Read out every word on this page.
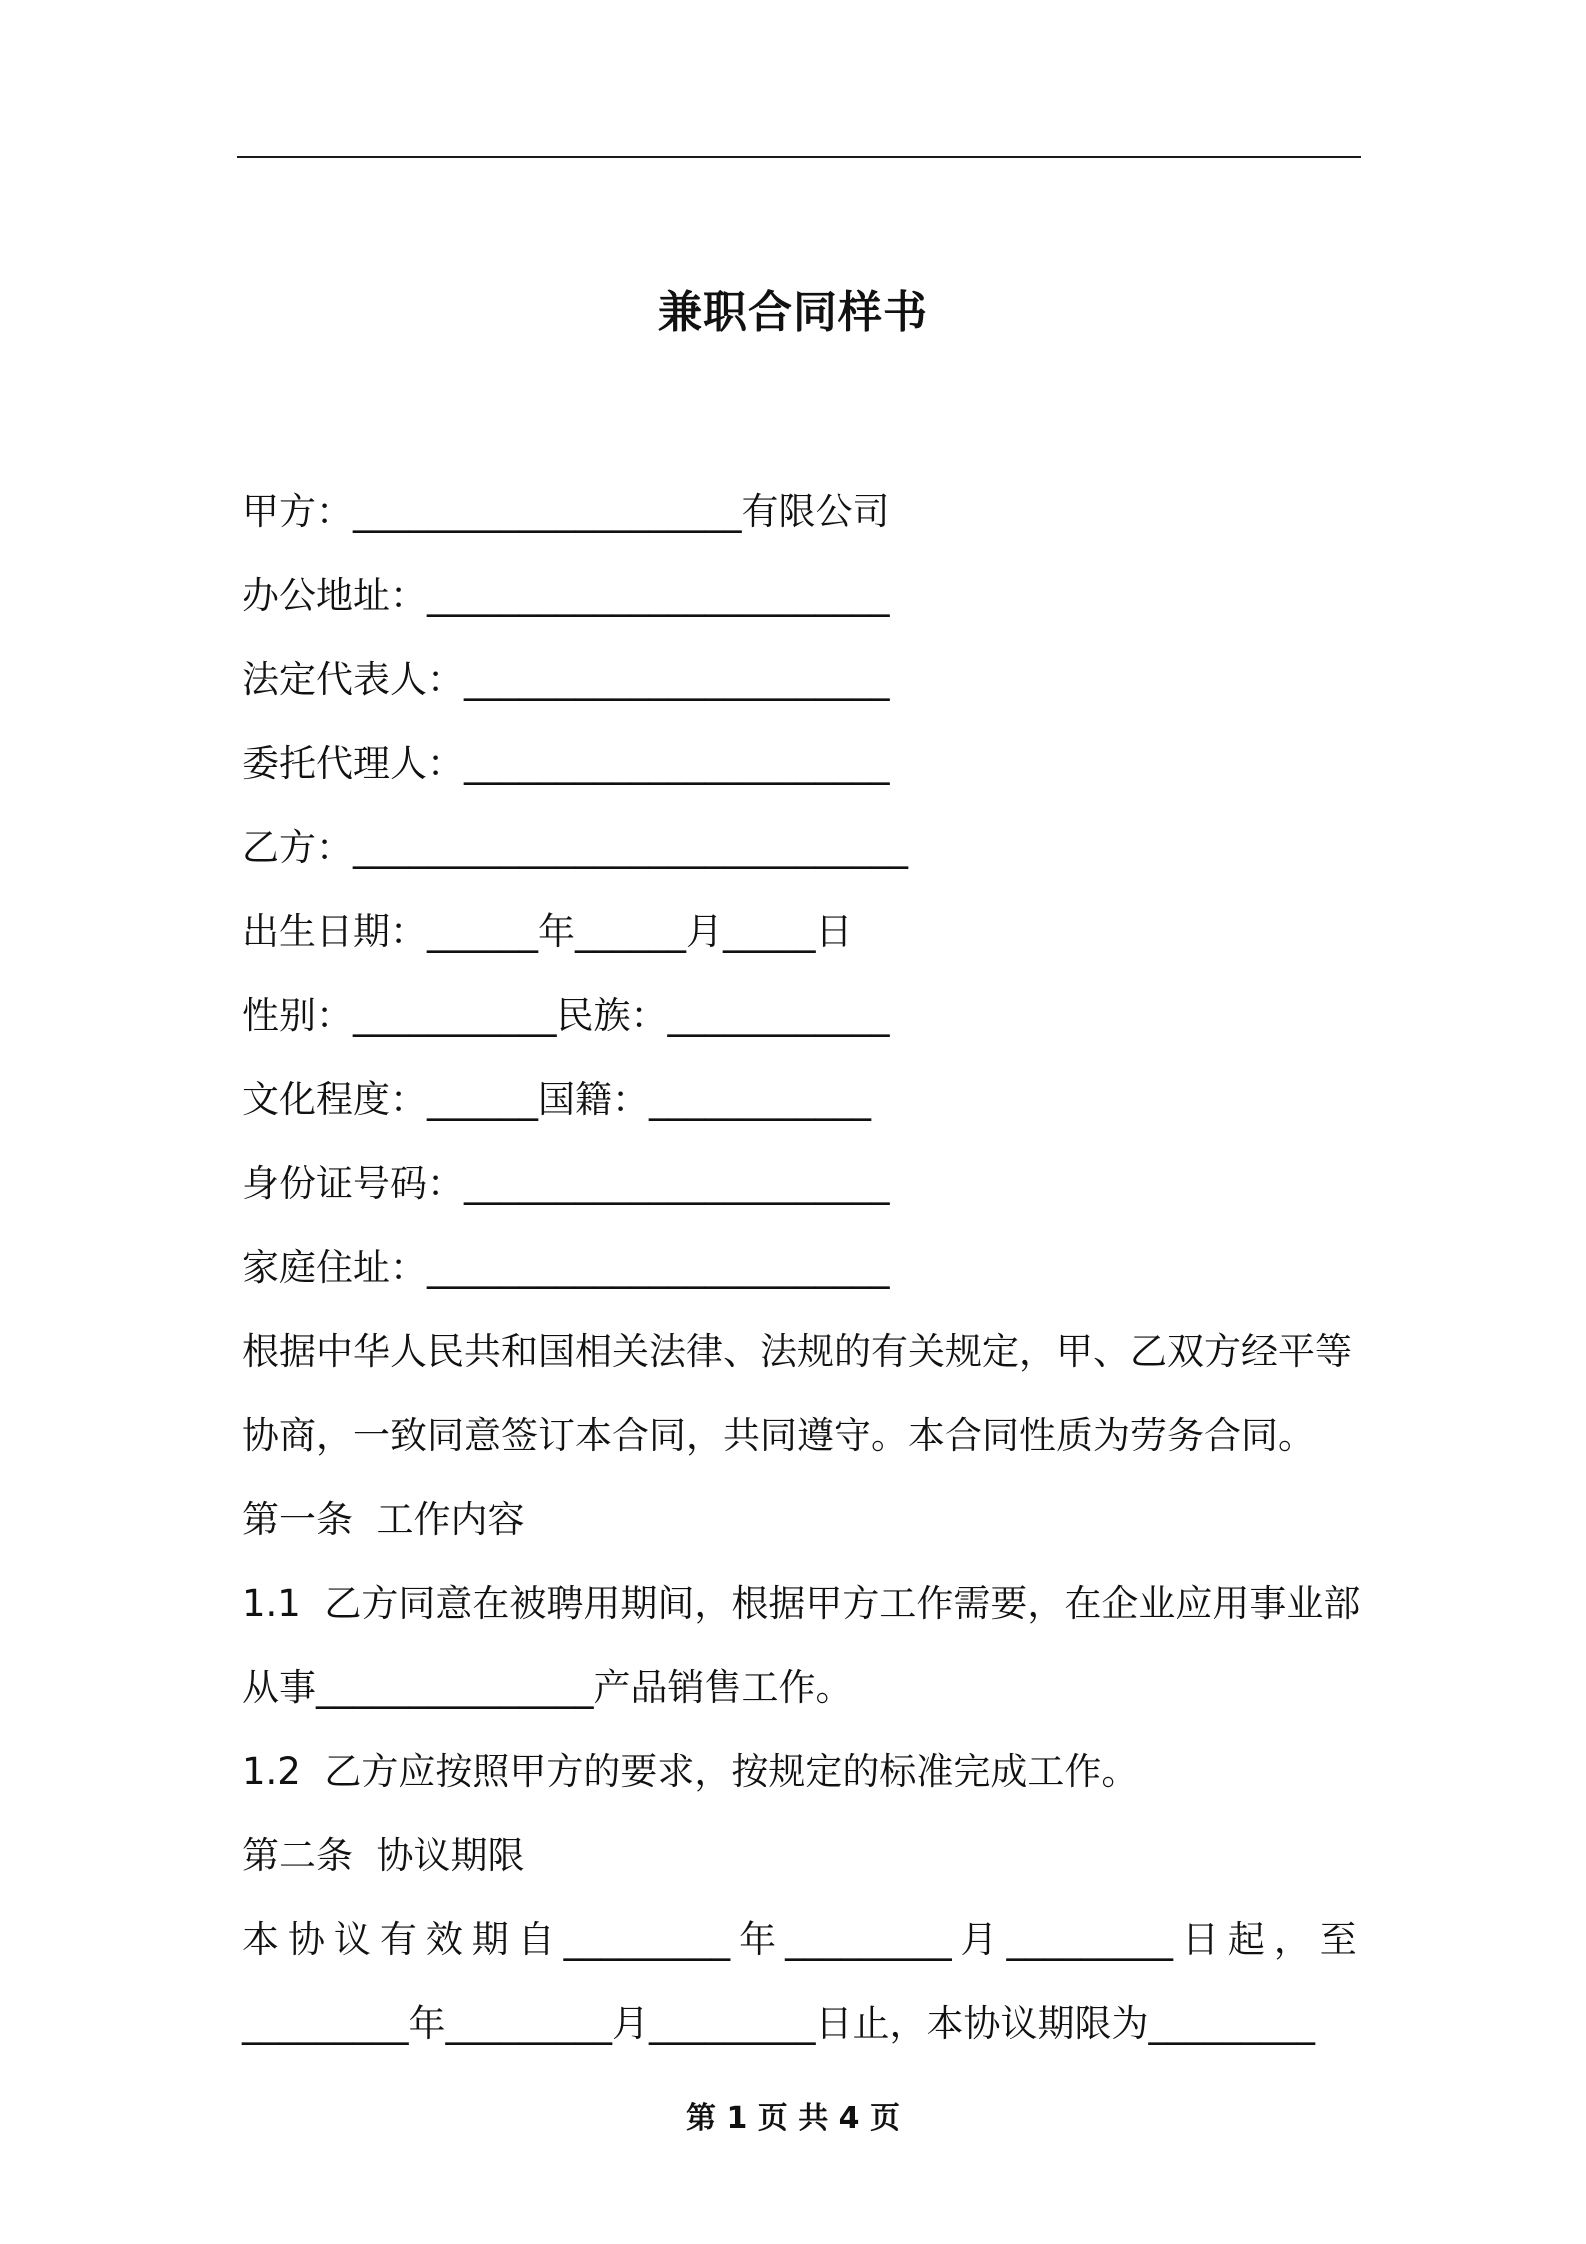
兼职合同样书
甲方：_____________________有限公司
办公地址：_________________________
法定代表人：_______________________
委托代理人：_______________________
乙方：______________________________
出生日期：______年______月_____日
性别：___________民族：____________
文化程度：______国籍：____________
身份证号码：_______________________
家庭住址：_________________________
根据中华人民共和国相关法律、法规的有关规定，甲、乙双方经平等
协商，一致同意签订本合同，共同遵守。本合同性质为劳务合同。
第一条  工作内容
1.1  乙方同意在被聘用期间，根据甲方工作需要，在企业应用事业部
从事_______________产品销售工作。
1.2  乙方应按照甲方的要求，按规定的标准完成工作。
第二条  协议期限
本 协 议 有 效 期 自 _________ 年 _________ 月 _________ 日 起 ， 至
_________年_________月_________日止，本协议期限为_________
第 1 页 共 4 页
